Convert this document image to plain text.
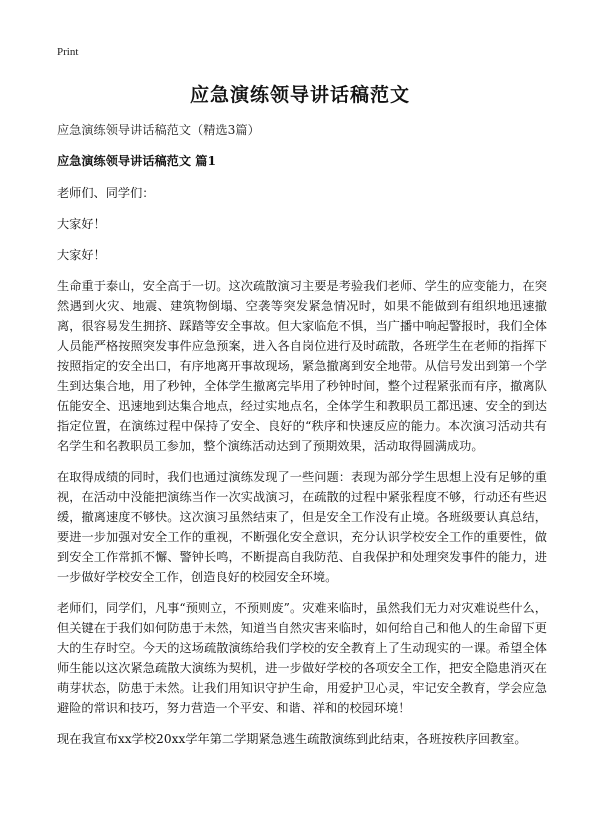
Print
应急演练领导讲话稿范文

应急演练领导讲话稿范文（精选3篇）

应急演练领导讲话稿范文 篇1

老师们、同学们：

大家好！

大家好！

生命重于泰山，安全高于一切。这次疏散演习主要是考验我们老师、学生的应变能力，在突然遇到火灾、地震、建筑物倒塌、空袭等突发紧急情况时，如果不能做到有组织地迅速撤离，很容易发生拥挤、踩踏等安全事故。但大家临危不惧，当广播中响起警报时，我们全体人员能严格按照突发事件应急预案，进入各自岗位进行及时疏散，各班学生在老师的指挥下按照指定的安全出口，有序地离开事故现场，紧急撤离到安全地带。从信号发出到第一个学生到达集合地，用了秒钟，全体学生撤离完毕用了秒钟时间，整个过程紧张而有序，撤离队伍能安全、迅速地到达集合地点，经过实地点名，全体学生和教职员工都迅速、安全的到达指定位置，在演练过程中保持了安全、良好的“秩序和快速反应的能力。本次演习活动共有名学生和名教职员工参加，整个演练活动达到了预期效果，活动取得圆满成功。

在取得成绩的同时，我们也通过演练发现了一些问题：表现为部分学生思想上没有足够的重视，在活动中没能把演练当作一次实战演习，在疏散的过程中紧张程度不够，行动还有些迟缓，撤离速度不够快。这次演习虽然结束了，但是安全工作没有止境。各班级要认真总结，要进一步加强对安全工作的重视，不断强化安全意识，充分认识学校安全工作的重要性，做到安全工作常抓不懈、警钟长鸣，不断提高自我防范、自我保护和处理突发事件的能力，进一步做好学校安全工作，创造良好的校园安全环境。

老师们，同学们，凡事“预则立，不预则废”。灾难来临时，虽然我们无力对灾难说些什么，但关键在于我们如何防患于未然，知道当自然灾害来临时，如何给自己和他人的生命留下更大的生存时空。今天的这场疏散演练给我们学校的安全教育上了生动现实的一课。希望全体师生能以这次紧急疏散大演练为契机，进一步做好学校的各项安全工作，把安全隐患消灭在萌芽状态，防患于未然。让我们用知识守护生命，用爱护卫心灵，牢记安全教育，学会应急避险的常识和技巧，努力营造一个平安、和谐、祥和的校园环境！

现在我宣布xx学校20xx学年第二学期紧急逃生疏散演练到此结束，各班按秩序回教室。
